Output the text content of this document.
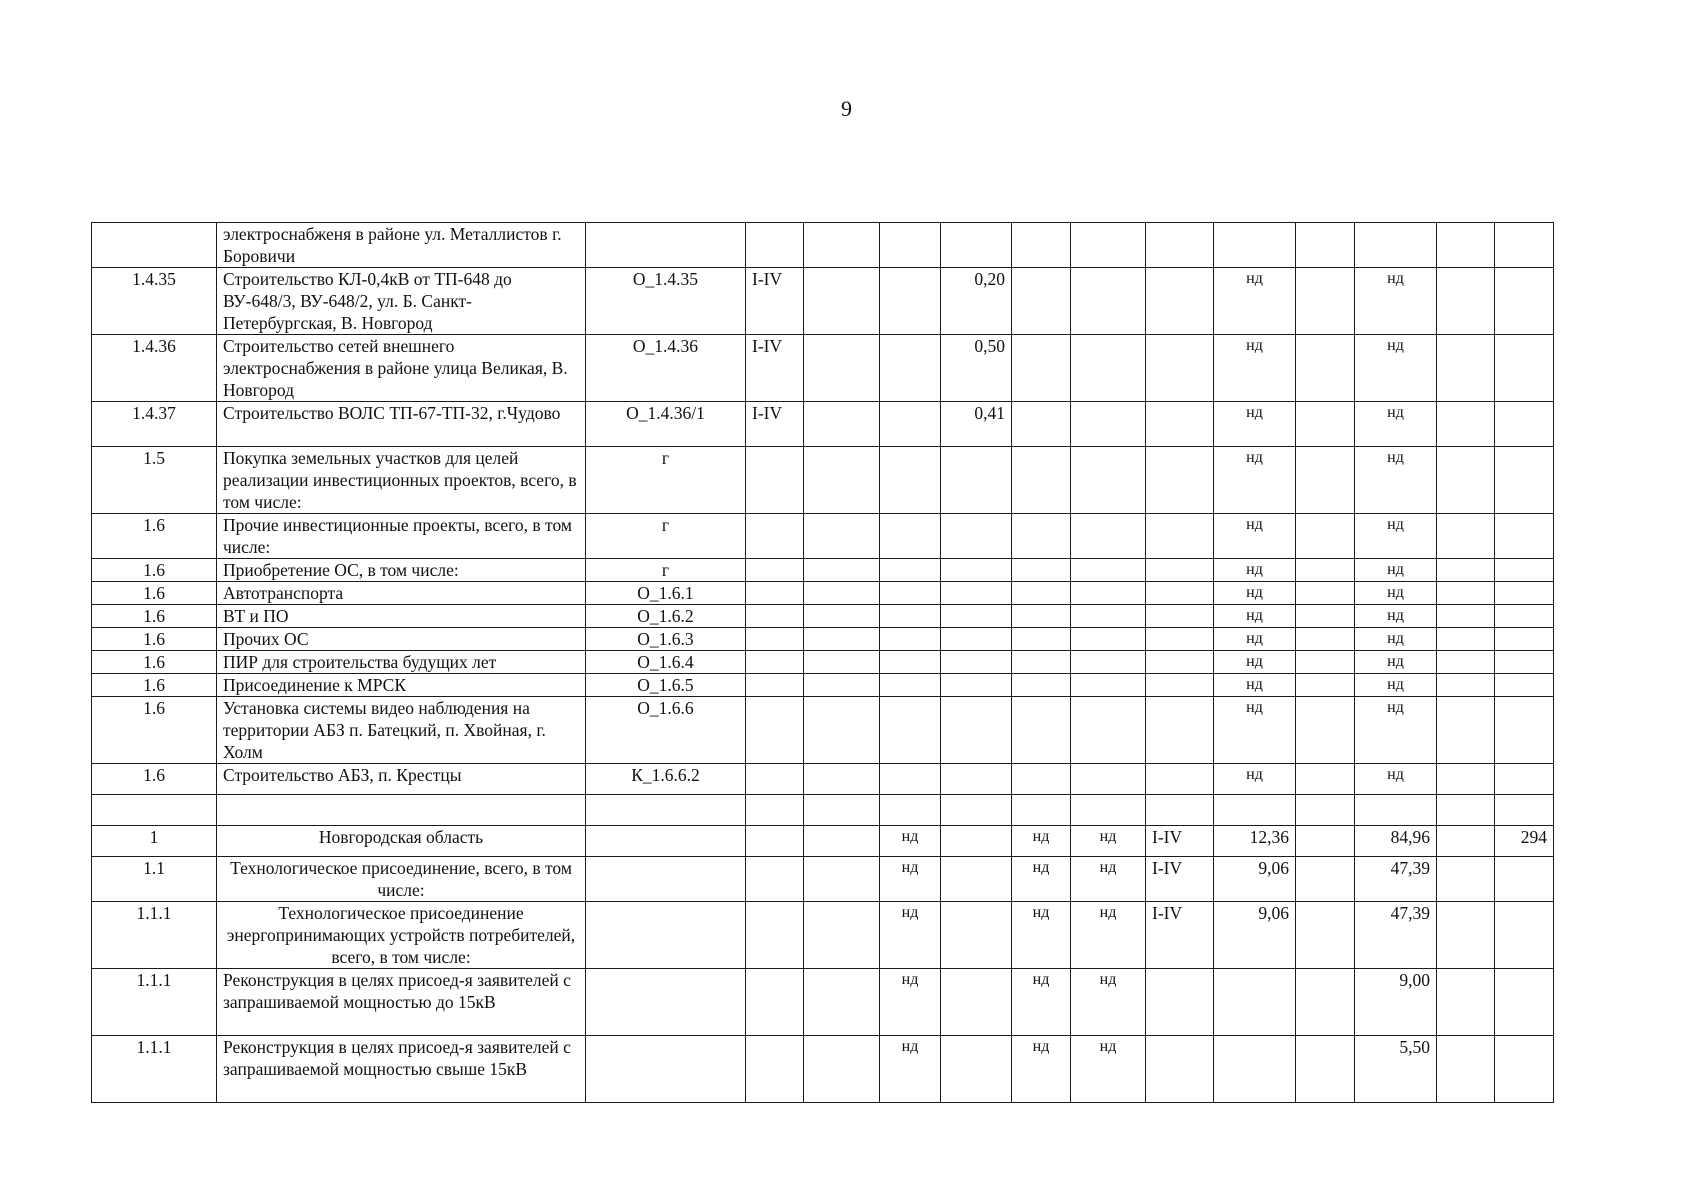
9
	электроснабженя в районе ул. Металлистов г. Боровичи													
1.4.35	Строительство КЛ-0,4кВ от ТП-648 до ВУ-648/3, ВУ-648/2, ул. Б. Санкт-Петербургская, В. Новгород	О_1.4.35	I-IV			0,20				нд		нд		
1.4.36	Строительство сетей внешнего электроснабжения в районе улица Великая, В. Новгород	О_1.4.36	I-IV			0,50				нд		нд		
1.4.37	Строительство ВОЛС ТП-67-ТП-32, г.Чудово	О_1.4.36/1	I-IV			0,41				нд		нд		
1.5	Покупка земельных участков для целей реализации инвестиционных проектов, всего, в том числе:	г								нд		нд		
1.6	Прочие инвестиционные проекты, всего, в том числе:	г								нд		нд		
1.6	Приобретение ОС, в том числе:	г								нд		нд		
1.6	Автотранспорта	О_1.6.1								нд		нд		
1.6	ВТ и ПО	О_1.6.2								нд		нд		
1.6	Прочих ОС	О_1.6.3								нд		нд		
1.6	ПИР для строительства будущих лет	О_1.6.4								нд		нд		
1.6	Присоединение к МРСК	О_1.6.5								нд		нд		
1.6	Установка системы видео наблюдения на территории АБЗ п. Батецкий, п. Хвойная, г. Холм	О_1.6.6								нд		нд		
1.6	Строительство АБЗ, п. Крестцы	К_1.6.6.2								нд		нд		

1	Новгородская область				нд		нд	нд	I-IV	12,36		84,96		294
1.1	Технологическое присоединение, всего, в том числе:				нд		нд	нд	I-IV	9,06		47,39		
1.1.1	Технологическое присоединение энергопринимающих устройств потребителей, всего, в том числе:				нд		нд	нд	I-IV	9,06		47,39		
1.1.1	Реконструкция в целях присоед-я заявителей с запрашиваемой мощностью до 15кВ				нд		нд	нд				9,00		
1.1.1	Реконструкция в целях присоед-я заявителей с запрашиваемой мощностью свыше 15кВ				нд		нд	нд				5,50		
